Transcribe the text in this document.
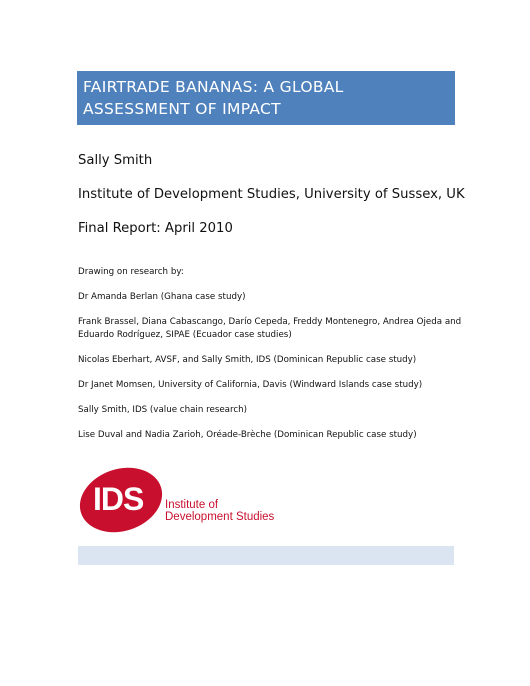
FAIRTRADE BANANAS: A GLOBAL ASSESSMENT OF IMPACT

Sally Smith
Institute of Development Studies, University of Sussex, UK
Final Report: April 2010
Drawing on research by:
Dr Amanda Berlan (Ghana case study)
Frank Brassel, Diana Cabascango, Darío Cepeda, Freddy Montenegro, Andrea Ojeda and Eduardo Rodríguez, SIPAE (Ecuador case studies)
Nicolas Eberhart, AVSF, and Sally Smith, IDS (Dominican Republic case study)
Dr Janet Momsen, University of California, Davis (Windward Islands case study)
Sally Smith, IDS (value chain research)
Lise Duval and Nadia Zarioh, Oréade-Brèche (Dominican Republic case study)
IDS Institute of
Development Studies
